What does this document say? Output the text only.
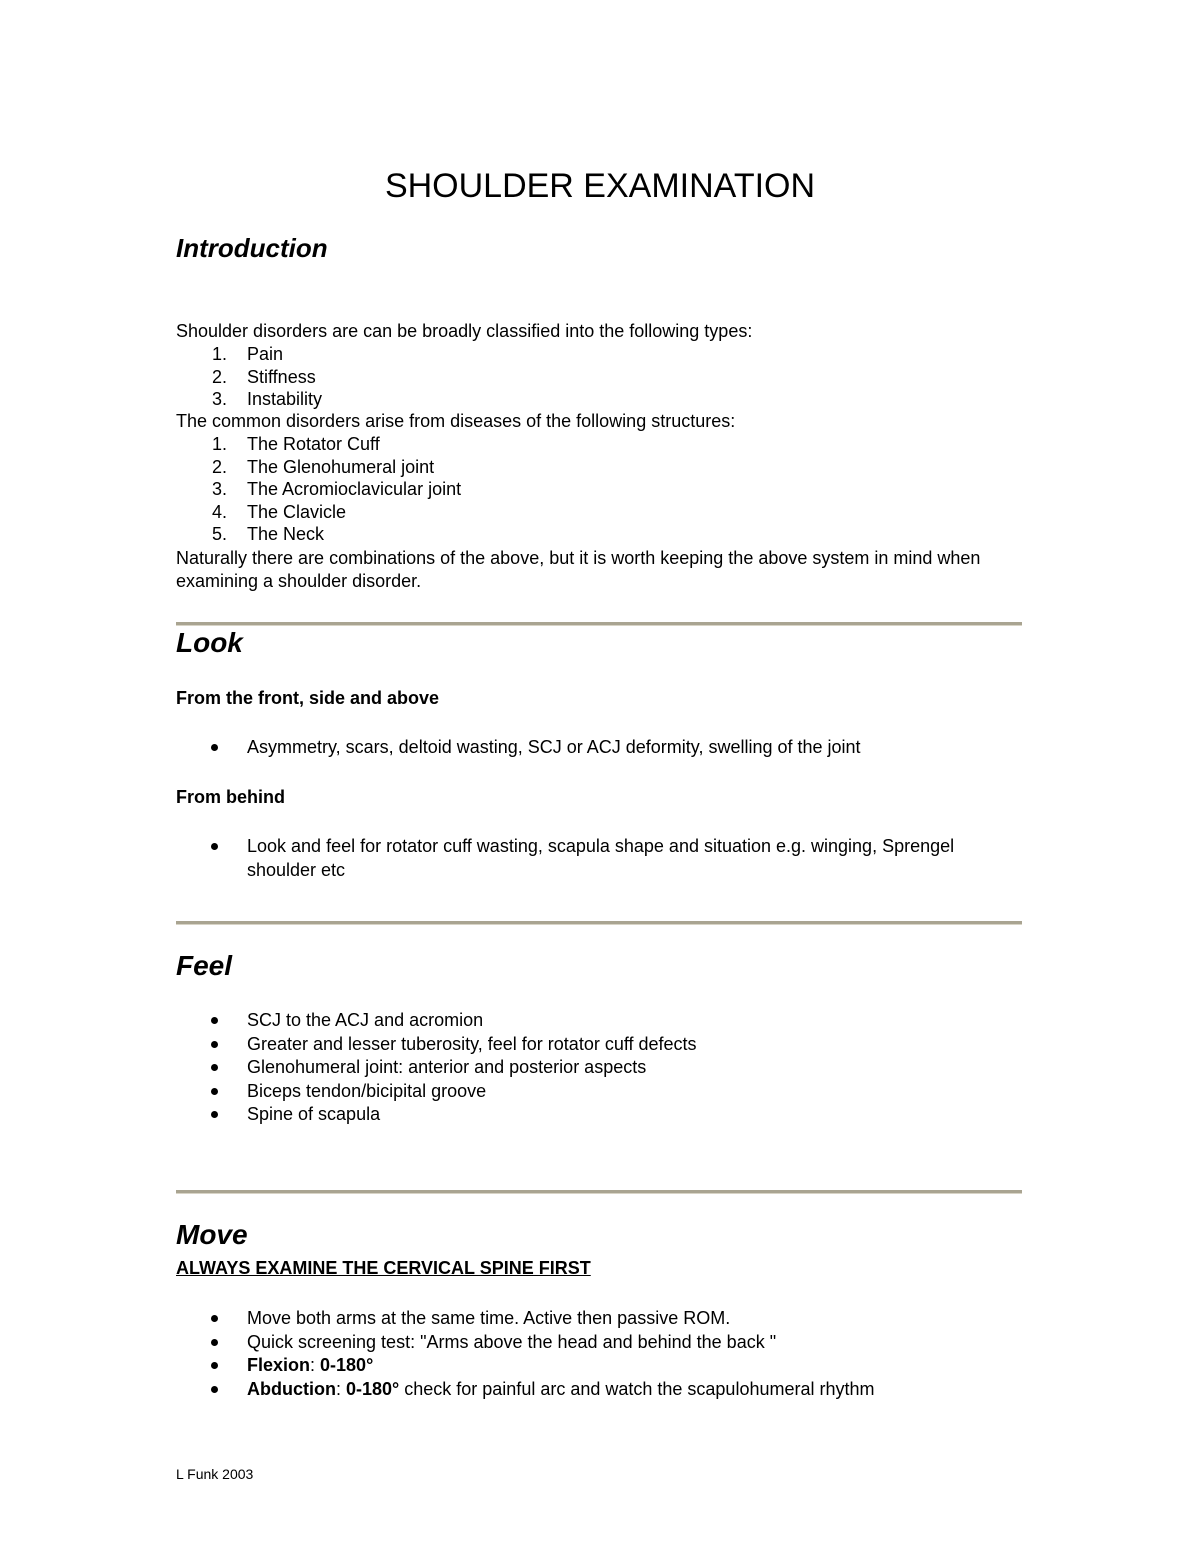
SHOULDER EXAMINATION
Introduction

Shoulder disorders are can be broadly classified into the following types:

1. Pain
2. Stiffness
3. Instability

The common disorders arise from diseases of the following structures:

1. The Rotator Cuff
2. The Glenohumeral joint
3. The Acromioclavicular joint
4. The Clavicle
5. The Neck

Naturally there are combinations of the above, but it is worth keeping the above system in mind when examining a shoulder disorder.

Look

From the front, side and above

Asymmetry, scars, deltoid wasting, SCJ or ACJ deformity, swelling of the joint

From behind

Look and feel for rotator cuff wasting, scapula shape and situation e.g. winging, Sprengel shoulder etc
Feel
SCJ to the ACJ and acromion
Greater and lesser tuberosity, feel for rotator cuff defects
Glenohumeral joint: anterior and posterior aspects
Biceps tendon/bicipital groove
Spine of scapula
Move

ALWAYS EXAMINE THE CERVICAL SPINE FIRST

Move both arms at the same time. Active then passive ROM.
Quick screening test: "Arms above the head and behind the back "
Flexion: 0-180°
Abduction: 0-180° check for painful arc and watch the scapulohumeral rhythm

L Funk 2003
